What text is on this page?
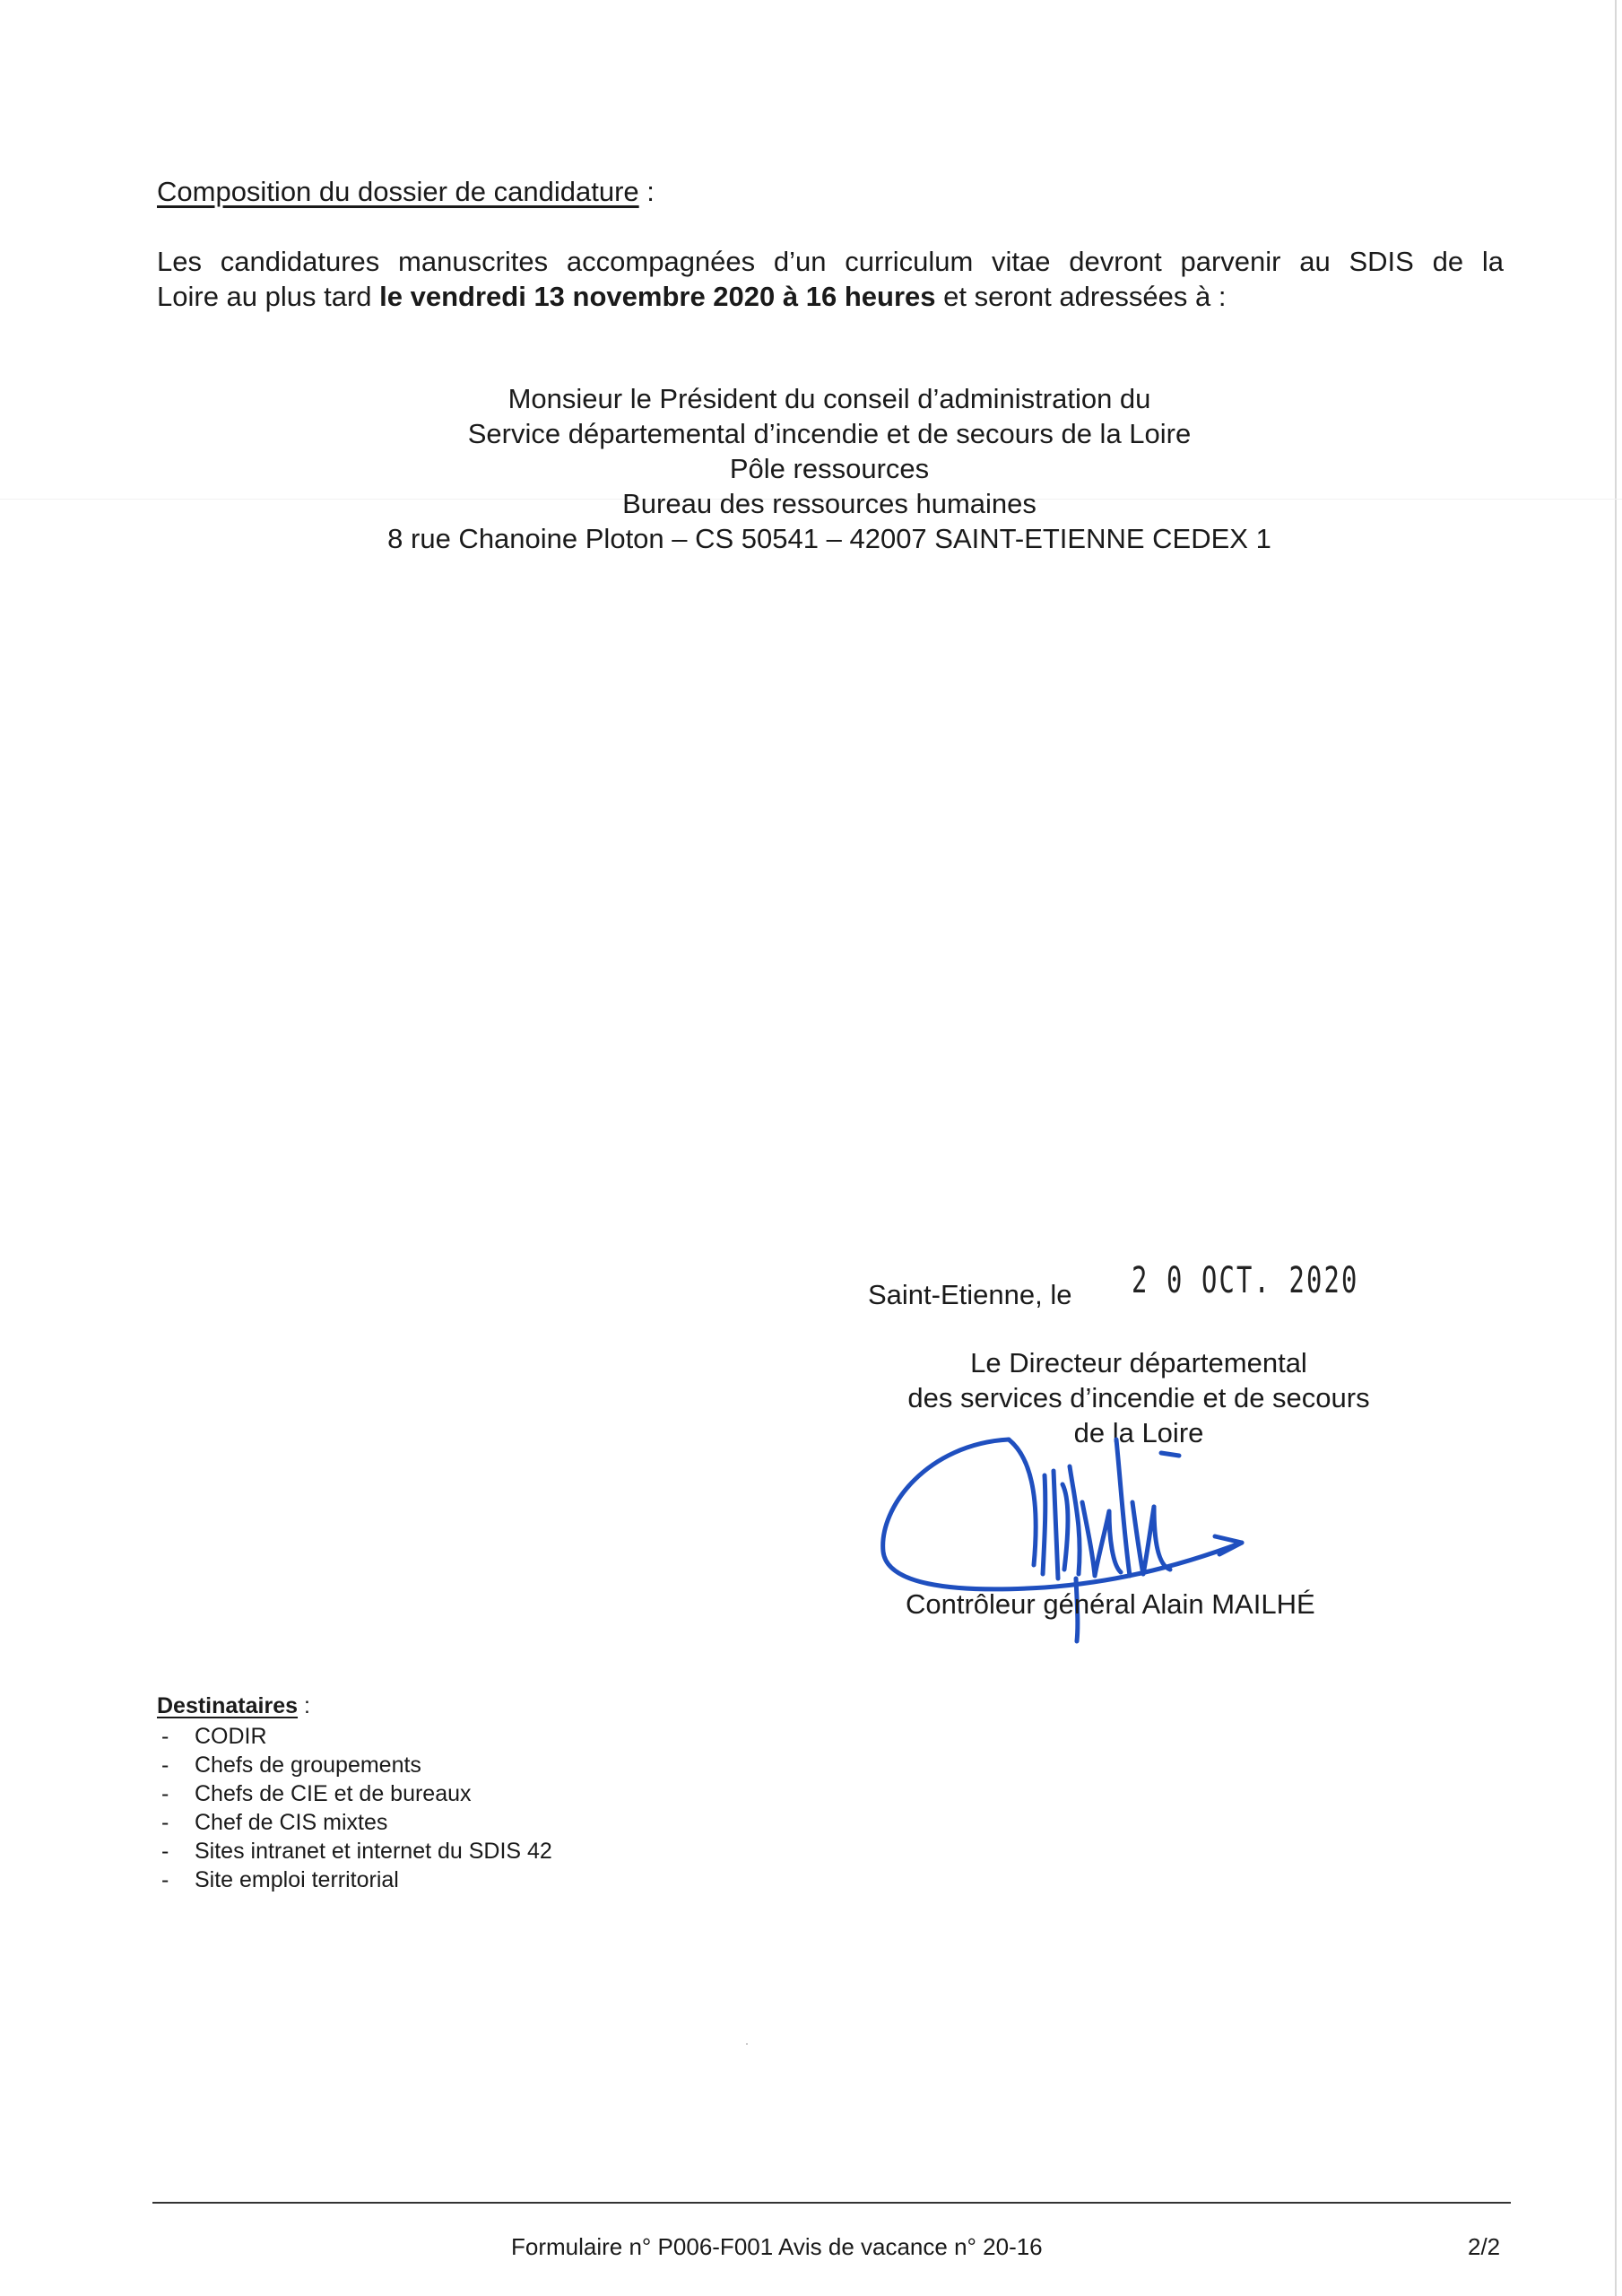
Composition du dossier de candidature :
Les candidatures manuscrites accompagnées d’un curriculum vitae devront parvenir au SDIS de la
Loire au plus tard le vendredi 13 novembre 2020 à 16 heures et seront adressées à :
Monsieur le Président du conseil d’administration du
Service départemental d’incendie et de secours de la Loire
Pôle ressources
Bureau des ressources humaines
8 rue Chanoine Ploton – CS 50541 – 42007 SAINT-ETIENNE CEDEX 1
Saint-Etienne, le 2 0 OCT. 2020
Le Directeur départemental
des services d’incendie et de secours
de la Loire
Contrôleur général Alain MAILHÉ
Destinataires :
-	CODIR
-	Chefs de groupements
-	Chefs de CIE et de bureaux
-	Chef de CIS mixtes
-	Sites intranet et internet du SDIS 42
-	Site emploi territorial
Formulaire n° P006-F001 Avis de vacance n° 20-16	2/2
